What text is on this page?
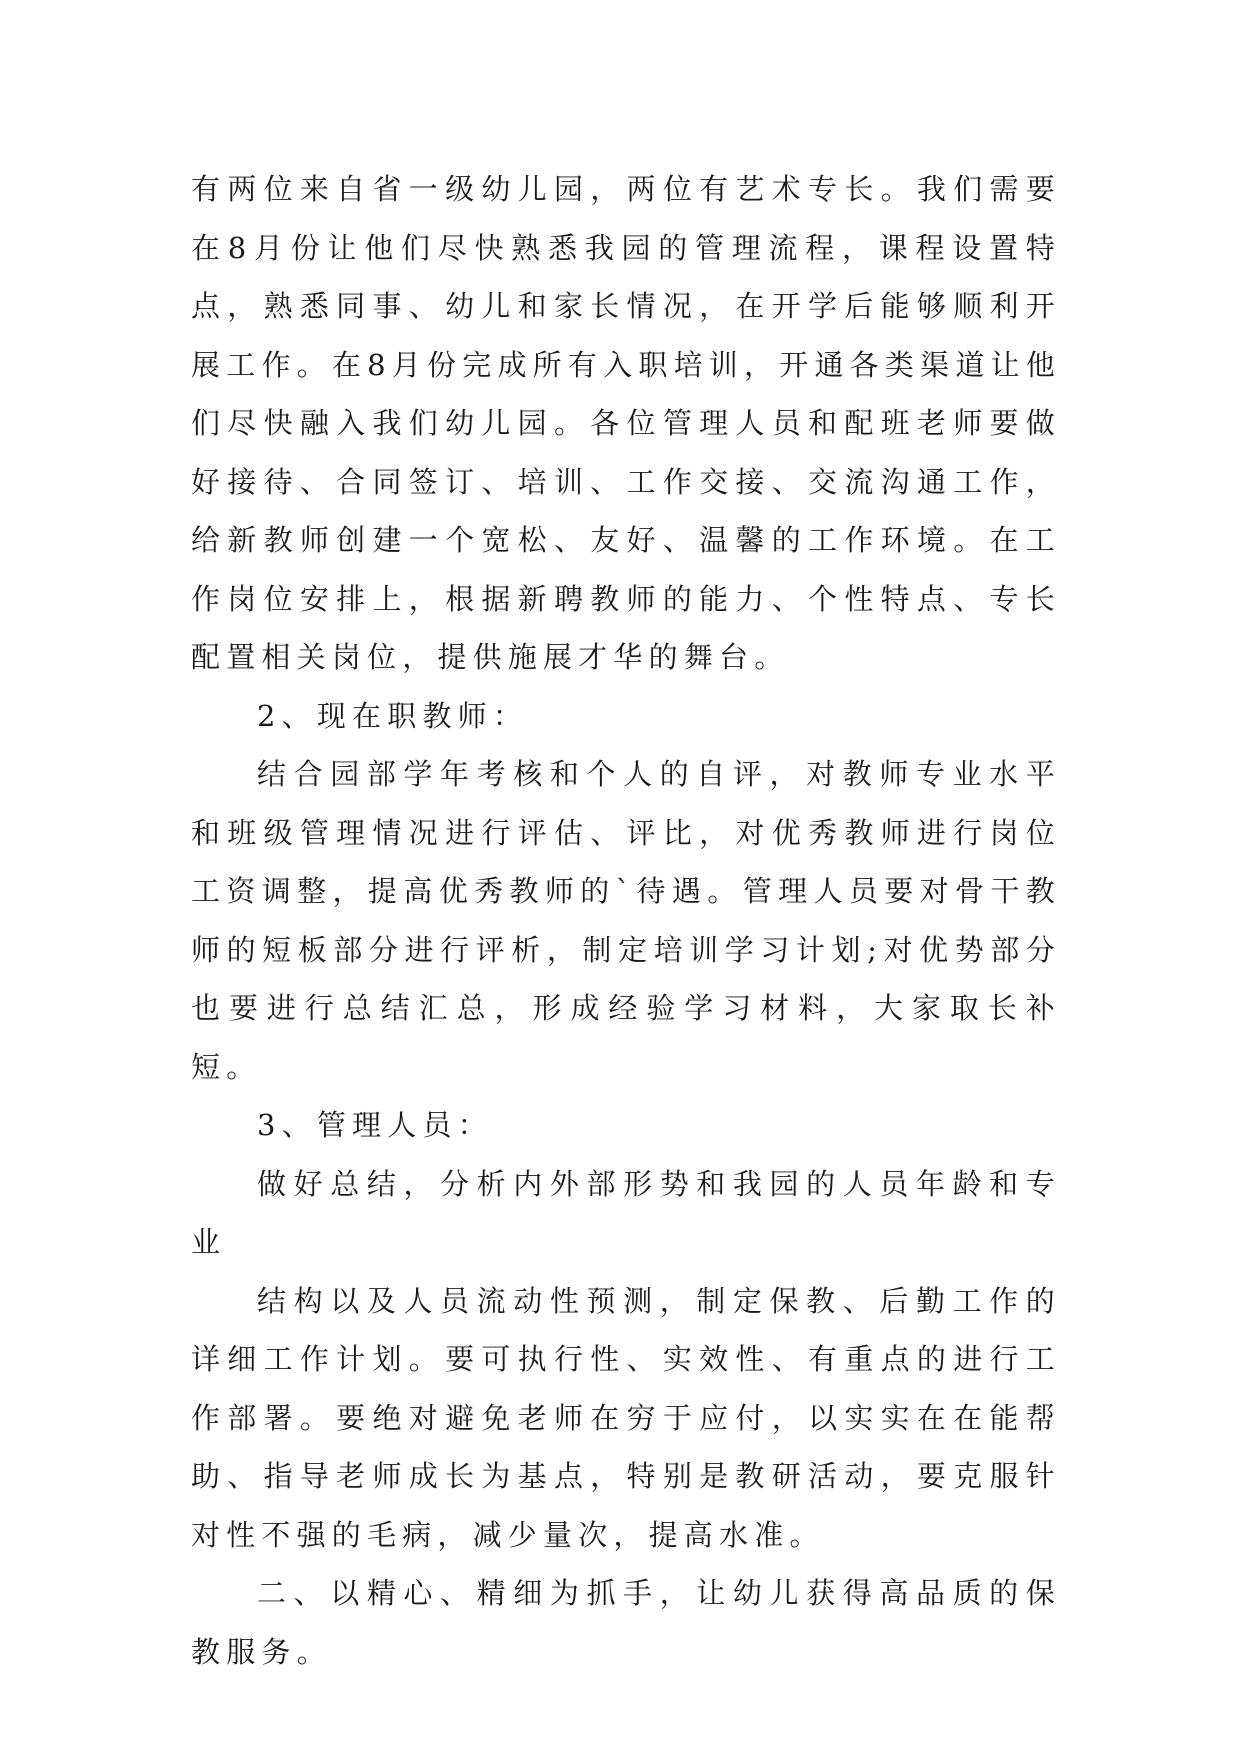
有两位来自省一级幼儿园，两位有艺术专长。我们需要在8月份让他们尽快熟悉我园的管理流程，课程设置特点，熟悉同事、幼儿和家长情况，在开学后能够顺利开展工作。在8月份完成所有入职培训，开通各类渠道让他们尽快融入我们幼儿园。各位管理人员和配班老师要做好接待、合同签订、培训、工作交接、交流沟通工作，给新教师创建一个宽松、友好、温馨的工作环境。在工作岗位安排上，根据新聘教师的能力、个性特点、专长配置相关岗位，提供施展才华的舞台。

2、现在职教师：

结合园部学年考核和个人的自评，对教师专业水平和班级管理情况进行评估、评比，对优秀教师进行岗位工资调整，提高优秀教师的`待遇。管理人员要对骨干教师的短板部分进行评析，制定培训学习计划;对优势部分也要进行总结汇总，形成经验学习材料，大家取长补短。

3、管理人员：

做好总结，分析内外部形势和我园的人员年龄和专业

结构以及人员流动性预测，制定保教、后勤工作的详细工作计划。要可执行性、实效性、有重点的进行工作部署。要绝对避免老师在穷于应付，以实实在在能帮助、指导老师成长为基点，特别是教研活动，要克服针对性不强的毛病，减少量次，提高水准。

二、以精心、精细为抓手，让幼儿获得高品质的保教服务。
